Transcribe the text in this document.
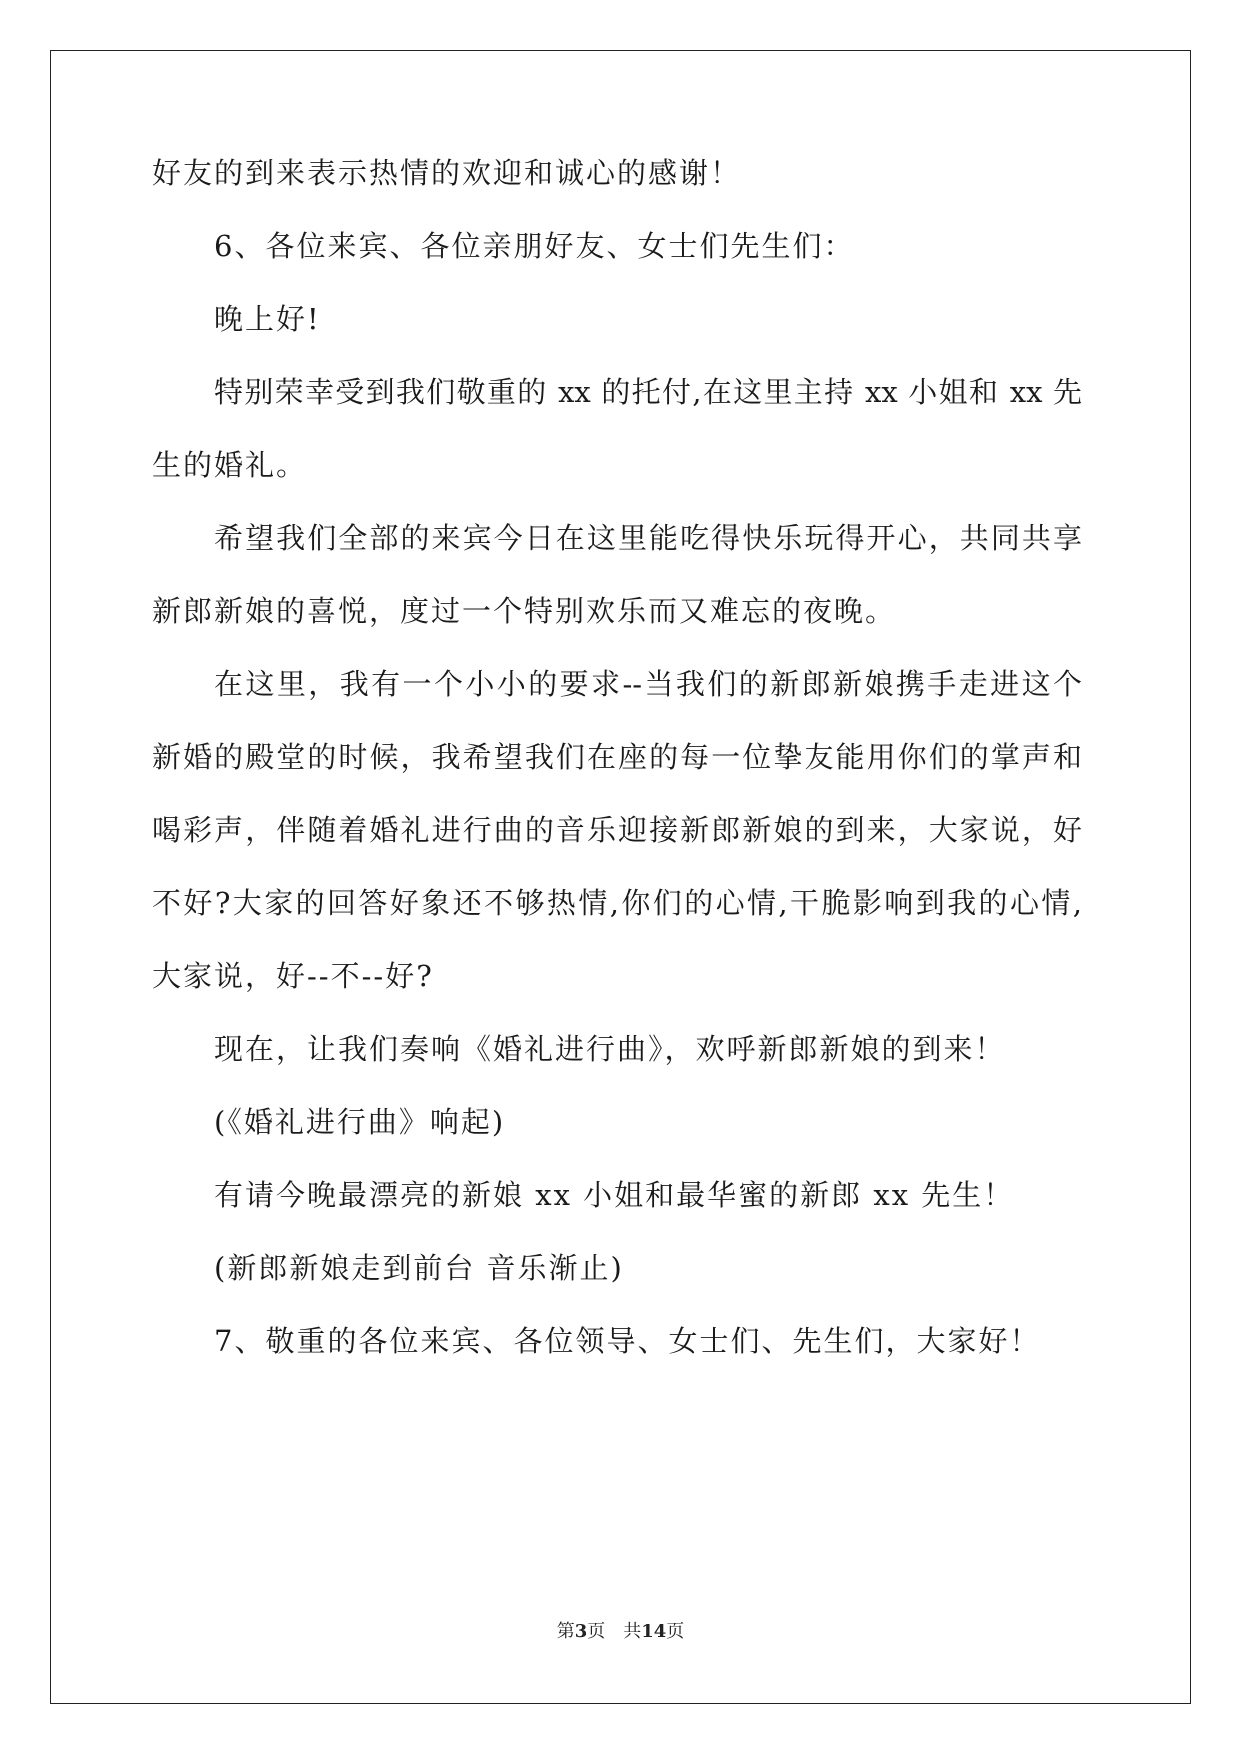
好友的到来表示热情的欢迎和诚心的感谢！
6、各位来宾、各位亲朋好友、女士们先生们：
晚上好!
特别荣幸受到我们敬重的 xx 的托付,在这里主持 xx 小姐和 xx 先
生的婚礼。
希望我们全部的来宾今日在这里能吃得快乐玩得开心，共同共享
新郎新娘的喜悦，度过一个特别欢乐而又难忘的夜晚。
在这里，我有一个小小的要求--当我们的新郎新娘携手走进这个
新婚的殿堂的时候，我希望我们在座的每一位挚友能用你们的掌声和
喝彩声，伴随着婚礼进行曲的音乐迎接新郎新娘的到来，大家说，好
不好?大家的回答好象还不够热情,你们的心情,干脆影响到我的心情,
大家说，好--不--好?
现在，让我们奏响《婚礼进行曲》，欢呼新郎新娘的到来！
(《婚礼进行曲》响起)
有请今晚最漂亮的新娘 xx 小姐和最华蜜的新郎 xx 先生！
(新郎新娘走到前台 音乐渐止)
7、敬重的各位来宾、各位领导、女士们、先生们，大家好！
第3页　共14页
